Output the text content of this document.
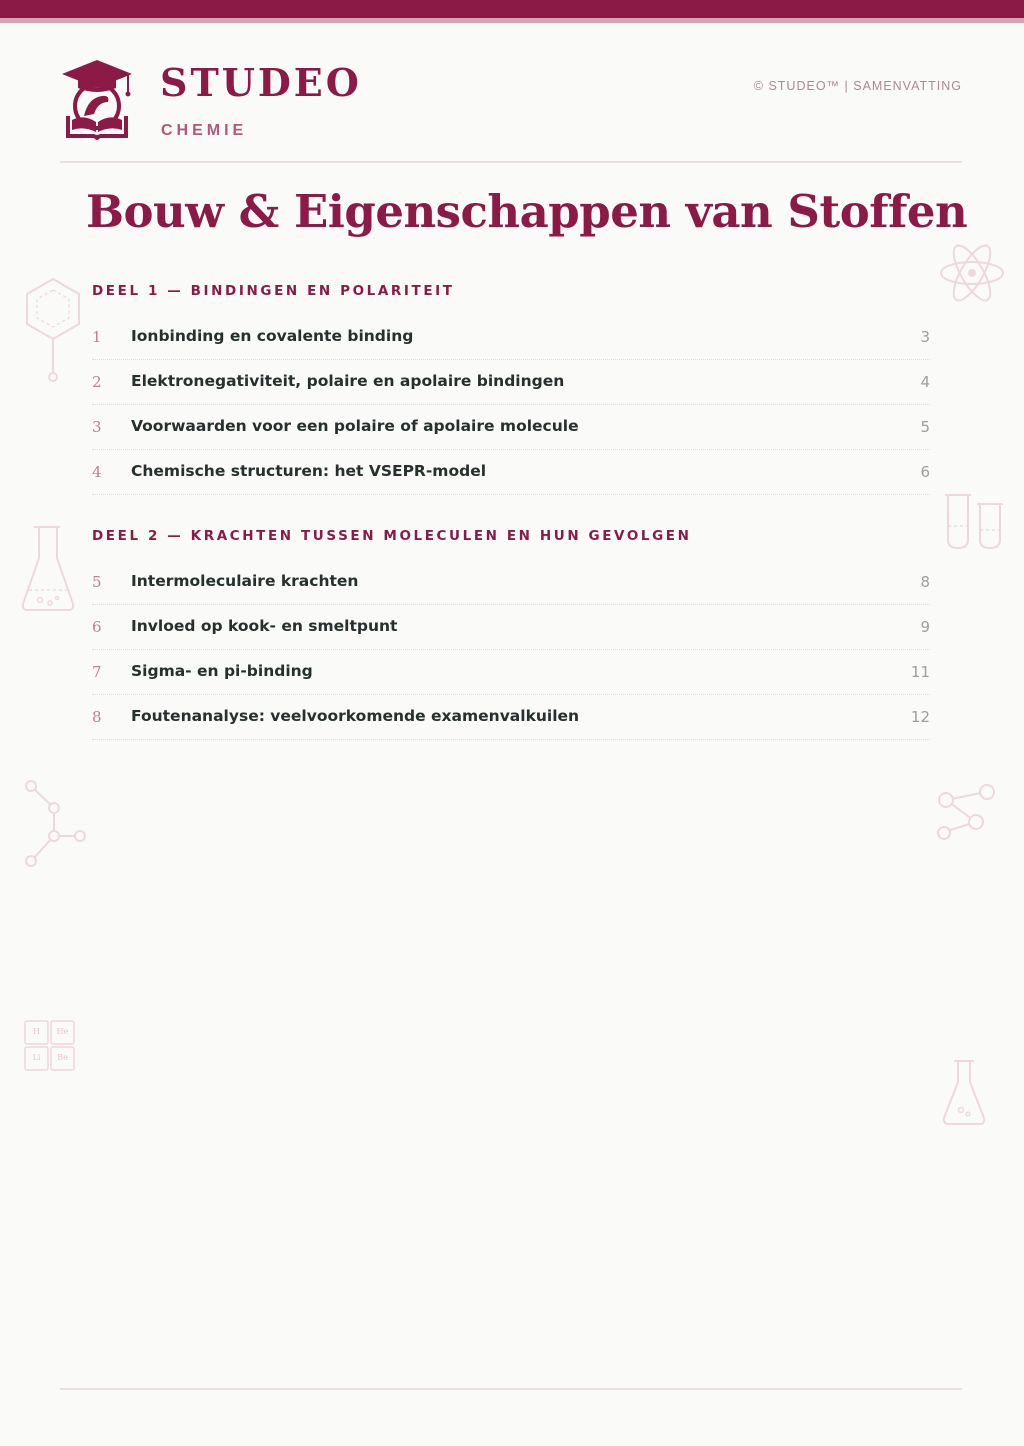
STUDEO
CHEMIE
© STUDEO™ | SAMENVATTING
Bouw & Eigenschappen van Stoffen
DEEL 1 — BINDINGEN EN POLARITEIT
1 Ionbinding en covalente binding	3
2 Elektronegativiteit, polaire en apolaire bindingen	4
3 Voorwaarden voor een polaire of apolaire molecule	5
4 Chemische structuren: het VSEPR-model	6
DEEL 2 — KRACHTEN TUSSEN MOLECULEN EN HUN GEVOLGEN
5 Intermoleculaire krachten	8
6 Invloed op kook- en smeltpunt	9
7 Sigma- en pi-binding	11
8 Foutenanalyse: veelvoorkomende examenvalkuilen	12
H	He
Li	Be
